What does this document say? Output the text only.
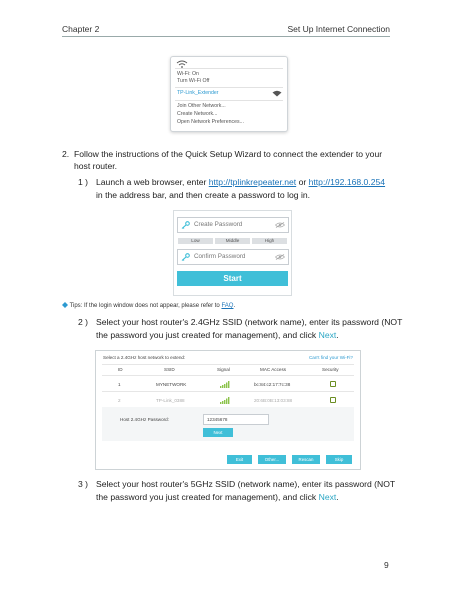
Chapter 2	Set Up Internet Connection
Wi-Fi: On
Turn Wi-Fi Off
TP-Link_Extender
Join Other Network...
Create Network...
Open Network Preferences...
2. Follow the instructions of the Quick Setup Wizard to connect the extender to your host router.
1 ) Launch a web browser, enter http://tplinkrepeater.net or http://192.168.0.254
in the address bar, and then create a password to log in.
Create Password
Low	Middle	High
Confirm Password
Start
Tips: If the login window does not appear, please refer to FAQ.
2 ) Select your host router's 2.4GHz SSID (network name), enter its password (NOT
the password you just created for management), and click Next.
Select a 2.4GHz host network to extend:	Can't find your Wi-Fi?
ID	SSID	Signal	MAC Access	Security
1	MYNETWORK	bc:84:c2:17:7c:38
2	TP-Link_0388	20:6B:0B:13:03:88
Host 2.4GHz Password:	12345678
Next
Exit	Other...	Rescan	Skip
3 ) Select your host router's 5GHz SSID (network name), enter its password (NOT
the password you just created for management), and click Next.
9
